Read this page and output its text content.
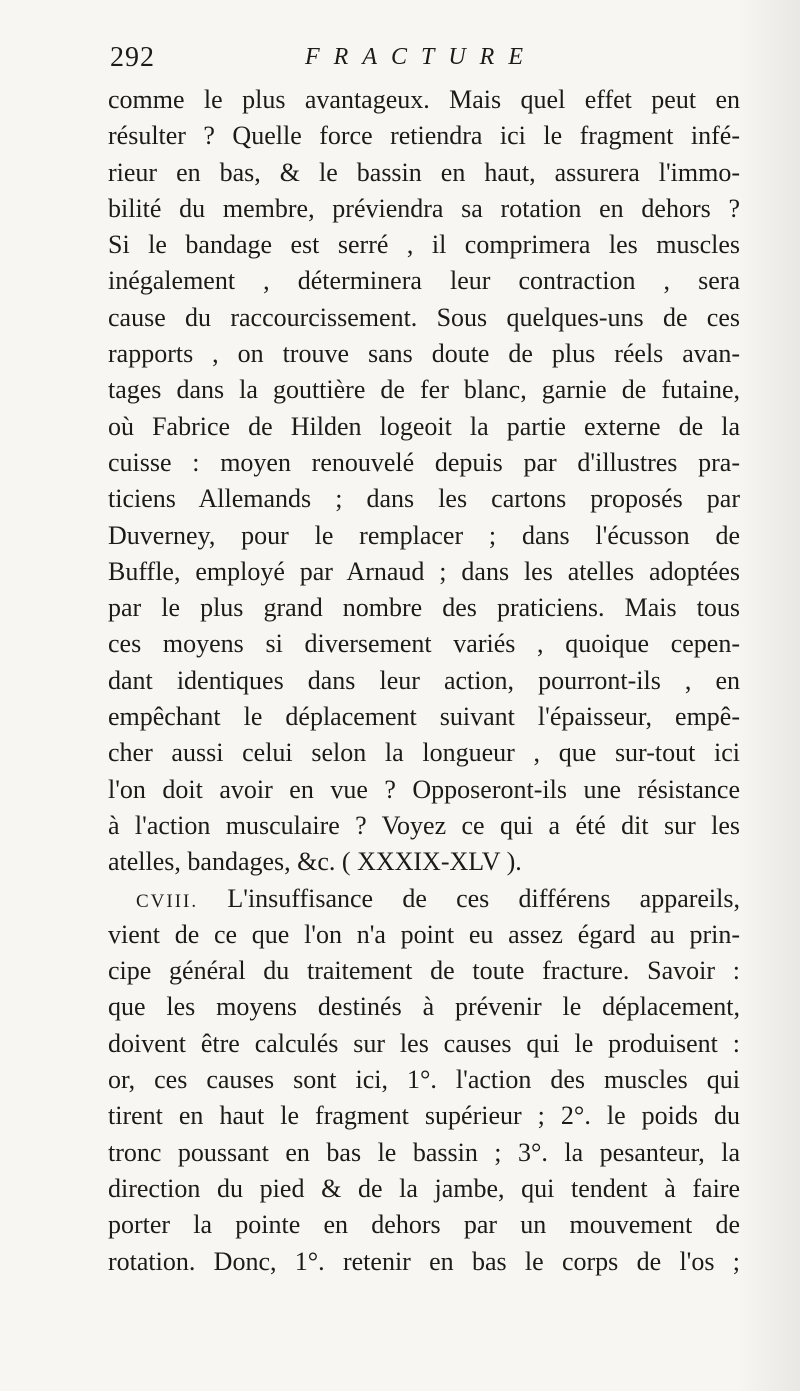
292	FRACTURE
comme le plus avantageux. Mais quel effet peut en
résulter ? Quelle force retiendra ici le fragment infé-
rieur en bas, & le bassin en haut, assurera l'immo-
bilité du membre, préviendra sa rotation en dehors ?
Si le bandage est serré , il comprimera les muscles
inégalement , déterminera leur contraction , sera
cause du raccourcissement. Sous quelques-uns de ces
rapports , on trouve sans doute de plus réels avan-
tages dans la gouttière de fer blanc, garnie de futaine,
où Fabrice de Hilden logeoit la partie externe de la
cuisse : moyen renouvelé depuis par d'illustres pra-
ticiens Allemands ; dans les cartons proposés par
Duverney, pour le remplacer ; dans l'écusson de
Buffle, employé par Arnaud ; dans les atelles adoptées
par le plus grand nombre des praticiens. Mais tous
ces moyens si diversement variés , quoique cepen-
dant identiques dans leur action, pourront-ils , en
empêchant le déplacement suivant l'épaisseur, empê-
cher aussi celui selon la longueur , que sur-tout ici
l'on doit avoir en vue ? Opposeront-ils une résistance
à l'action musculaire ? Voyez ce qui a été dit sur les
atelles, bandages, &c. ( XXXIX-XLV ).
CVIII. L'insuffisance de ces différens appareils,
vient de ce que l'on n'a point eu assez égard au prin-
cipe général du traitement de toute fracture. Savoir :
que les moyens destinés à prévenir le déplacement,
doivent être calculés sur les causes qui le produisent :
or, ces causes sont ici, 1°. l'action des muscles qui
tirent en haut le fragment supérieur ; 2°. le poids du
tronc poussant en bas le bassin ; 3°. la pesanteur, la
direction du pied & de la jambe, qui tendent à faire
porter la pointe en dehors par un mouvement de
rotation. Donc, 1°. retenir en bas le corps de l'os ;
